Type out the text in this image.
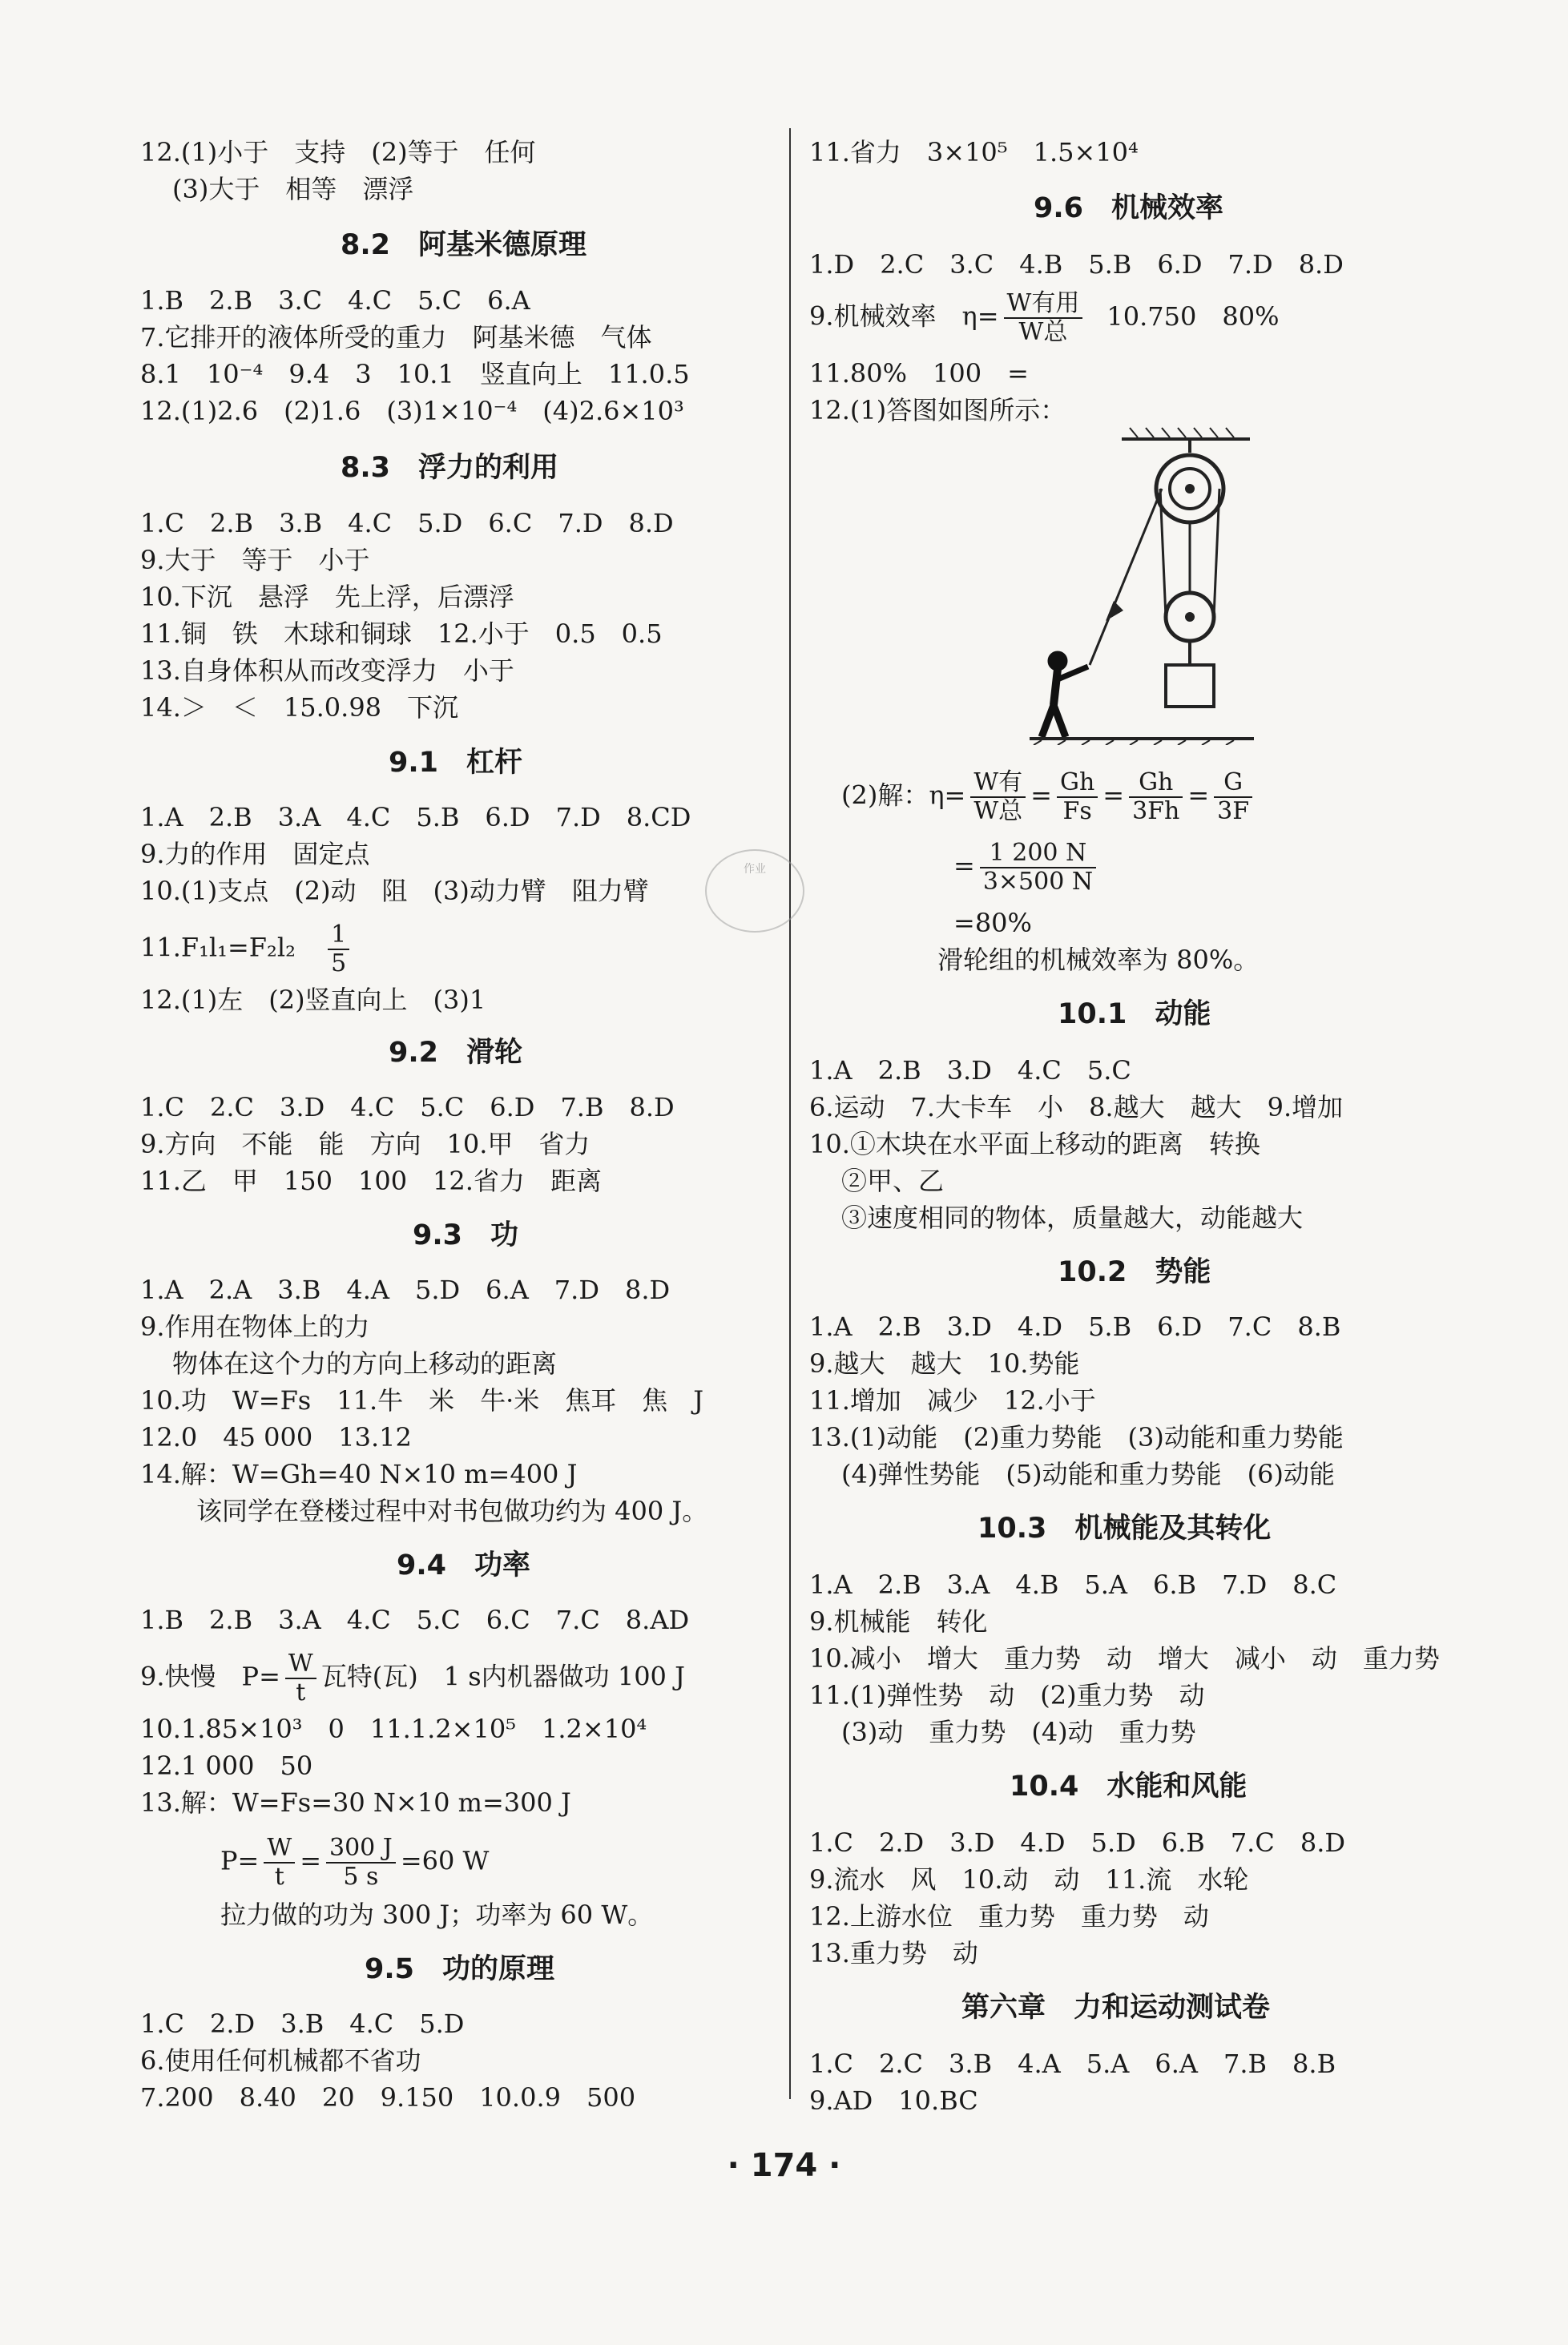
12.(1)小于　支持　(2)等于　任何
(3)大于　相等　漂浮
8.2　阿基米德原理
1.B　2.B　3.C　4.C　5.C　6.A
7.它排开的液体所受的重力　阿基米德　气体
8.1　10⁻⁴　9.4　3　10.1　竖直向上　11.0.5
12.(1)2.6　(2)1.6　(3)1×10⁻⁴　(4)2.6×10³
8.3　浮力的利用
1.C　2.B　3.B　4.C　5.D　6.C　7.D　8.D
9.大于　等于　小于
10.下沉　悬浮　先上浮，后漂浮
11.铜　铁　木球和铜球　12.小于　0.5　0.5
13.自身体积从而改变浮力　小于
14.＞　＜　15.0.98　下沉
9.1　杠杆
1.A　2.B　3.A　4.C　5.B　6.D　7.D　8.CD
9.力的作用　固定点
10.(1)支点　(2)动　阻　(3)动力臂　阻力臂
$11.F_1l_1=F_2l_2 \frac{1}{5}$
12.(1)左　(2)竖直向上　(3)1
9.2　滑轮
1.C　2.C　3.D　4.C　5.C　6.D　7.B　8.D
9.方向　不能　能　方向　10.甲　省力
11.乙　甲　150　100　12.省力　距离
9.3　功
1.A　2.A　3.B　4.A　5.D　6.A　7.D　8.D
9.作用在物体上的力
物体在这个力的方向上移动的距离
10.功　W=Fs　11.牛　米　牛·米　焦耳　焦　J
12.0　45 000　13.12
14.解：W=Gh=40 N×10 m=400 J
该同学在登楼过程中对书包做功约为 400 J。
9.4　功率
1.B　2.B　3.A　4.C　5.C　6.C　7.C　8.AD
9.快慢　$P= \frac{W}{t}$ 瓦特(瓦)　1 s内机器做功 100 J
10.1.85×10³　0　11.1.2×10⁵　1.2×10⁴
12.1 000　50
13.解：W=Fs=30 N×10 m=300 J
$P= \frac{W}{t} = \frac{300 J}{5 s} =60$ W
拉力做的功为 300 J；功率为 60 W。
9.5　功的原理
1.C　2.D　3.B　4.C　5.D
6.使用任何机械都不省功
7.200　8.40　20　9.150　10.0.9　500
作业
11.省力　3×10⁵　1.5×10⁴
9.6　机械效率
1.D　2.C　3.C　4.B　5.B　6.D　7.D　8.D
9.机械效率　$\eta= \frac{\text{W有用}}{\text{W总}} 10.750$　80%
11.80%　100　=
12.(1)答图如图所示：
(2)解：$\eta= \frac{\text{W有}}{\text{W总}} = \frac{Gh}{Fs} = \frac{Gh}{3Fh} = \frac{G}{3F}$
= $\frac{1 200 N}{3\times 500 N}$
=80%
滑轮组的机械效率为 80%。
10.1　动能
1.A　2.B　3.D　4.C　5.C
6.运动　7.大卡车　小　8.越大　越大　9.增加
10.①木块在水平面上移动的距离　转换
②甲、乙
③速度相同的物体，质量越大，动能越大
10.2　势能
1.A　2.B　3.D　4.D　5.B　6.D　7.C　8.B
9.越大　越大　10.势能
11.增加　减少　12.小于
13.(1)动能　(2)重力势能　(3)动能和重力势能
(4)弹性势能　(5)动能和重力势能　(6)动能
10.3　机械能及其转化
1.A　2.B　3.A　4.B　5.A　6.B　7.D　8.C
9.机械能　转化
10.减小　增大　重力势　动　增大　减小　动　重力势
11.(1)弹性势　动　(2)重力势　动
(3)动　重力势　(4)动　重力势
10.4　水能和风能
1.C　2.D　3.D　4.D　5.D　6.B　7.C　8.D
9.流水　风　10.动　动　11.流　水轮
12.上游水位　重力势　重力势　动
13.重力势　动
第六章　力和运动测试卷
1.C　2.C　3.B　4.A　5.A　6.A　7.B　8.B
9.AD　10.BC
· 174 ·
